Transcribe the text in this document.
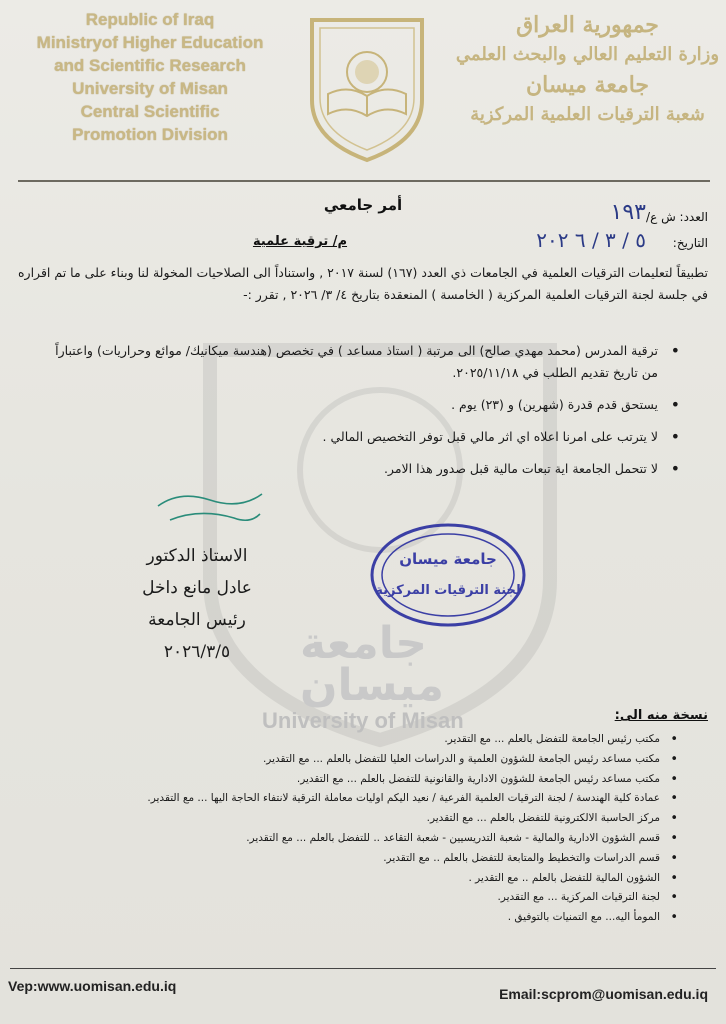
جامعة
ميسان
University of Misan
Republic of Iraq
Ministryof Higher Education
and Scientific Research
University of Misan
Central Scientific
Promotion Division
جمهورية العراق
وزارة التعليم العالي والبحث العلمي
جامعة ميسان
شعبة الترقيات العلمية المركزية
أمر جامعي
العدد: ش ع/
١٩٣
التاريخ:
٥ / ٣ / ٦ ٢٠٢
م/ ترقية علمية
تطبيقاً لتعليمات الترقيات العلمية في الجامعات ذي العدد (١٦٧) لسنة ٢٠١٧ , واستناداً الى الصلاحيات المخولة لنا وبناء على ما تم اقراره في جلسة لجنة الترقيات العلمية المركزية ( الخامسة ) المنعقدة بتاريخ ٤/ ٣/ ٢٠٢٦ , تقرر :-
• ترقية المدرس (محمد مهدي صالح) الى مرتبة ( استاذ مساعد ) في تخصص (هندسة ميكانيك/ موائع وحراريات) واعتباراً من تاريخ تقديم الطلب في ٢٠٢٥/١١/١٨.
• يستحق قدم قدرة (شهرين) و (٢٣) يوم .
• لا يترتب على امرنا اعلاه اي اثر مالي قبل توفر التخصيص المالي .
• لا تتحمل الجامعة اية تبعات مالية قبل صدور هذا الامر.
الاستاذ الدكتور
عادل مانع داخل
رئيس الجامعة
٢٠٢٦/٣/٥
جامعة ميسان
لجنة الترقيات المركزية
نسخة منه الى:
• مكتب رئيس الجامعة للتفضل بالعلم ... مع التقدير.
• مكتب مساعد رئيس الجامعة للشؤون العلمية و الدراسات العليا للتفضل بالعلم ... مع التقدير.
• مكتب مساعد رئيس الجامعة للشؤون الادارية والقانونية للتفضل بالعلم ... مع التقدير.
• عمادة كلية الهندسة / لجنة الترقيات العلمية الفرعية / نعيد اليكم اوليات معاملة الترقية لانتفاء الحاجة اليها ... مع التقدير.
• مركز الحاسبة الالكترونية للتفضل بالعلم ... مع التقدير.
• قسم الشؤون الادارية والمالية - شعبة التدريسيين - شعبة التقاعد .. للتفضل بالعلم ... مع التقدير.
• قسم الدراسات والتخطيط والمتابعة للتفضل بالعلم .. مع التقدير.
• الشؤون المالية للتفضل بالعلم .. مع التقدير .
• لجنة الترقيات المركزية ... مع التقدير.
• المومأ اليه... مع التمنيات بالتوفيق .
Vep:www.uomisan.edu.iq	Email:scprom@uomisan.edu.iq
